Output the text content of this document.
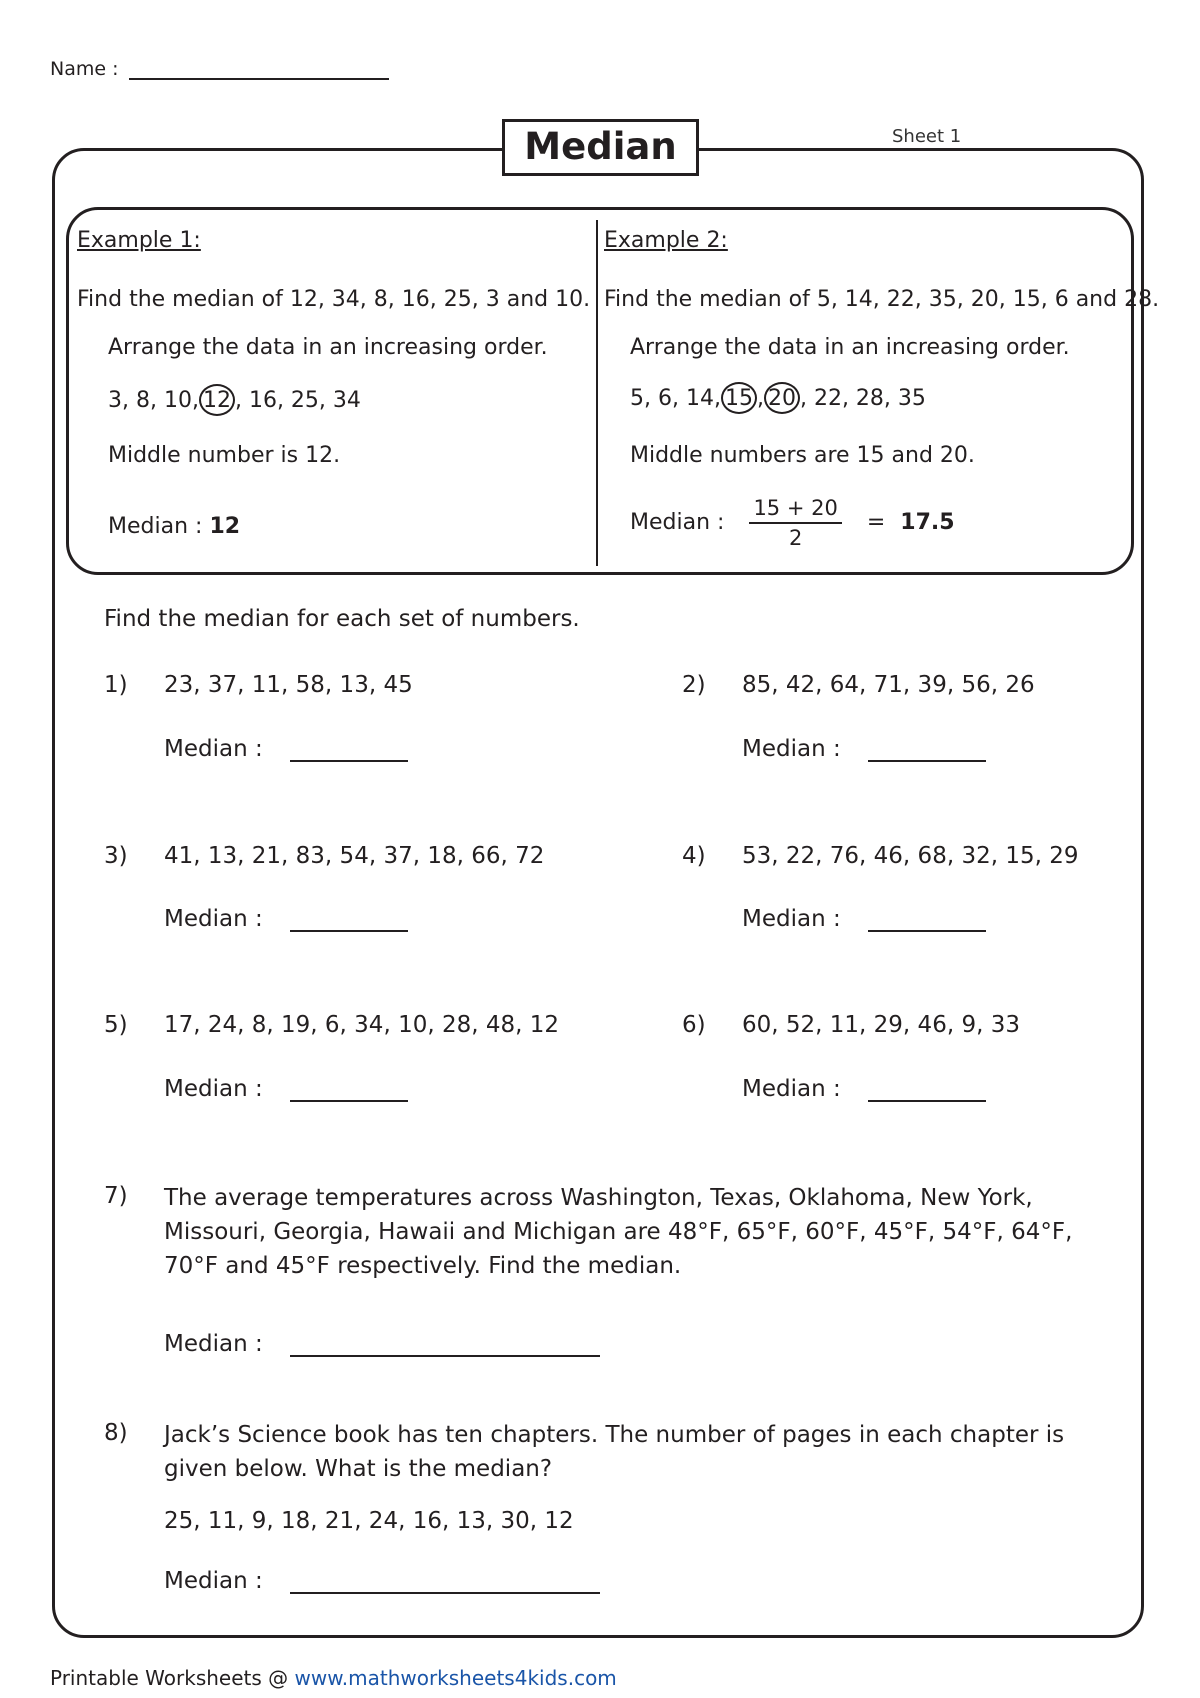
Name :
Median	Sheet 1
Example 1:
Find the median of 12, 34, 8, 16, 25, 3 and 10.
Arrange the data in an increasing order.
3, 8, 10, 12 , 16, 25, 34
Middle number is 12.
Median : 12
Example 2:
Find the median of 5, 14, 22, 35, 20, 15, 6 and 28.
Arrange the data in an increasing order.
5, 6, 14, 15 , 20 , 22, 28, 35
Middle numbers are 15 and 20.
Median : $\frac{15 + 20}{2} = 17.5$
Find the median for each set of numbers.
1) 23, 37, 11, 58, 13, 45
Median :
2) 85, 42, 64, 71, 39, 56, 26
Median :
3) 41, 13, 21, 83, 54, 37, 18, 66, 72
Median :
4) 53, 22, 76, 46, 68, 32, 15, 29
Median :
5) 17, 24, 8, 19, 6, 34, 10, 28, 48, 12
Median :
6) 60, 52, 11, 29, 46, 9, 33
Median :
7) The average temperatures across Washington, Texas, Oklahoma, New York, Missouri, Georgia, Hawaii and Michigan are 48°F, 65°F, 60°F, 45°F, 54°F, 64°F, 70°F and 45°F respectively. Find the median.
Median :
8) Jack’s Science book has ten chapters. The number of pages in each chapter is given below. What is the median?
25, 11, 9, 18, 21, 24, 16, 13, 30, 12
Median :
Printable Worksheets @ www.mathworksheets4kids.com
